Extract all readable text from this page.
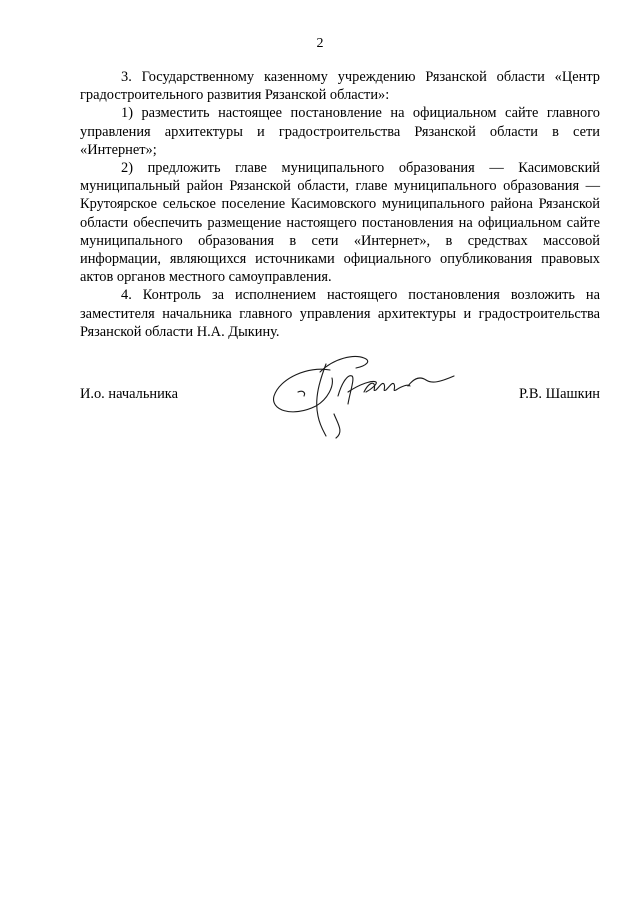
2

3. Государственному казенному учреждению Рязанской области «Центр градостроительного развития Рязанской области»:

1) разместить настоящее постановление на официальном сайте главного управления архитектуры и градостроительства Рязанской области в сети «Интернет»;

2) предложить главе муниципального образования — Касимовский муниципальный район Рязанской области, главе муниципального образования — Крутоярское сельское поселение Касимовского муниципального района Рязанской области обеспечить размещение настоящего постановления на официальном сайте муниципального образования в сети «Интернет», в средствах массовой информации, являющихся источниками официального опубликования правовых актов органов местного самоуправления.

4. Контроль за исполнением настоящего постановления возложить на заместителя начальника главного управления архитектуры и градостроительства Рязанской области Н.А. Дыкину.

И.о. начальника	Р.В. Шашкин
